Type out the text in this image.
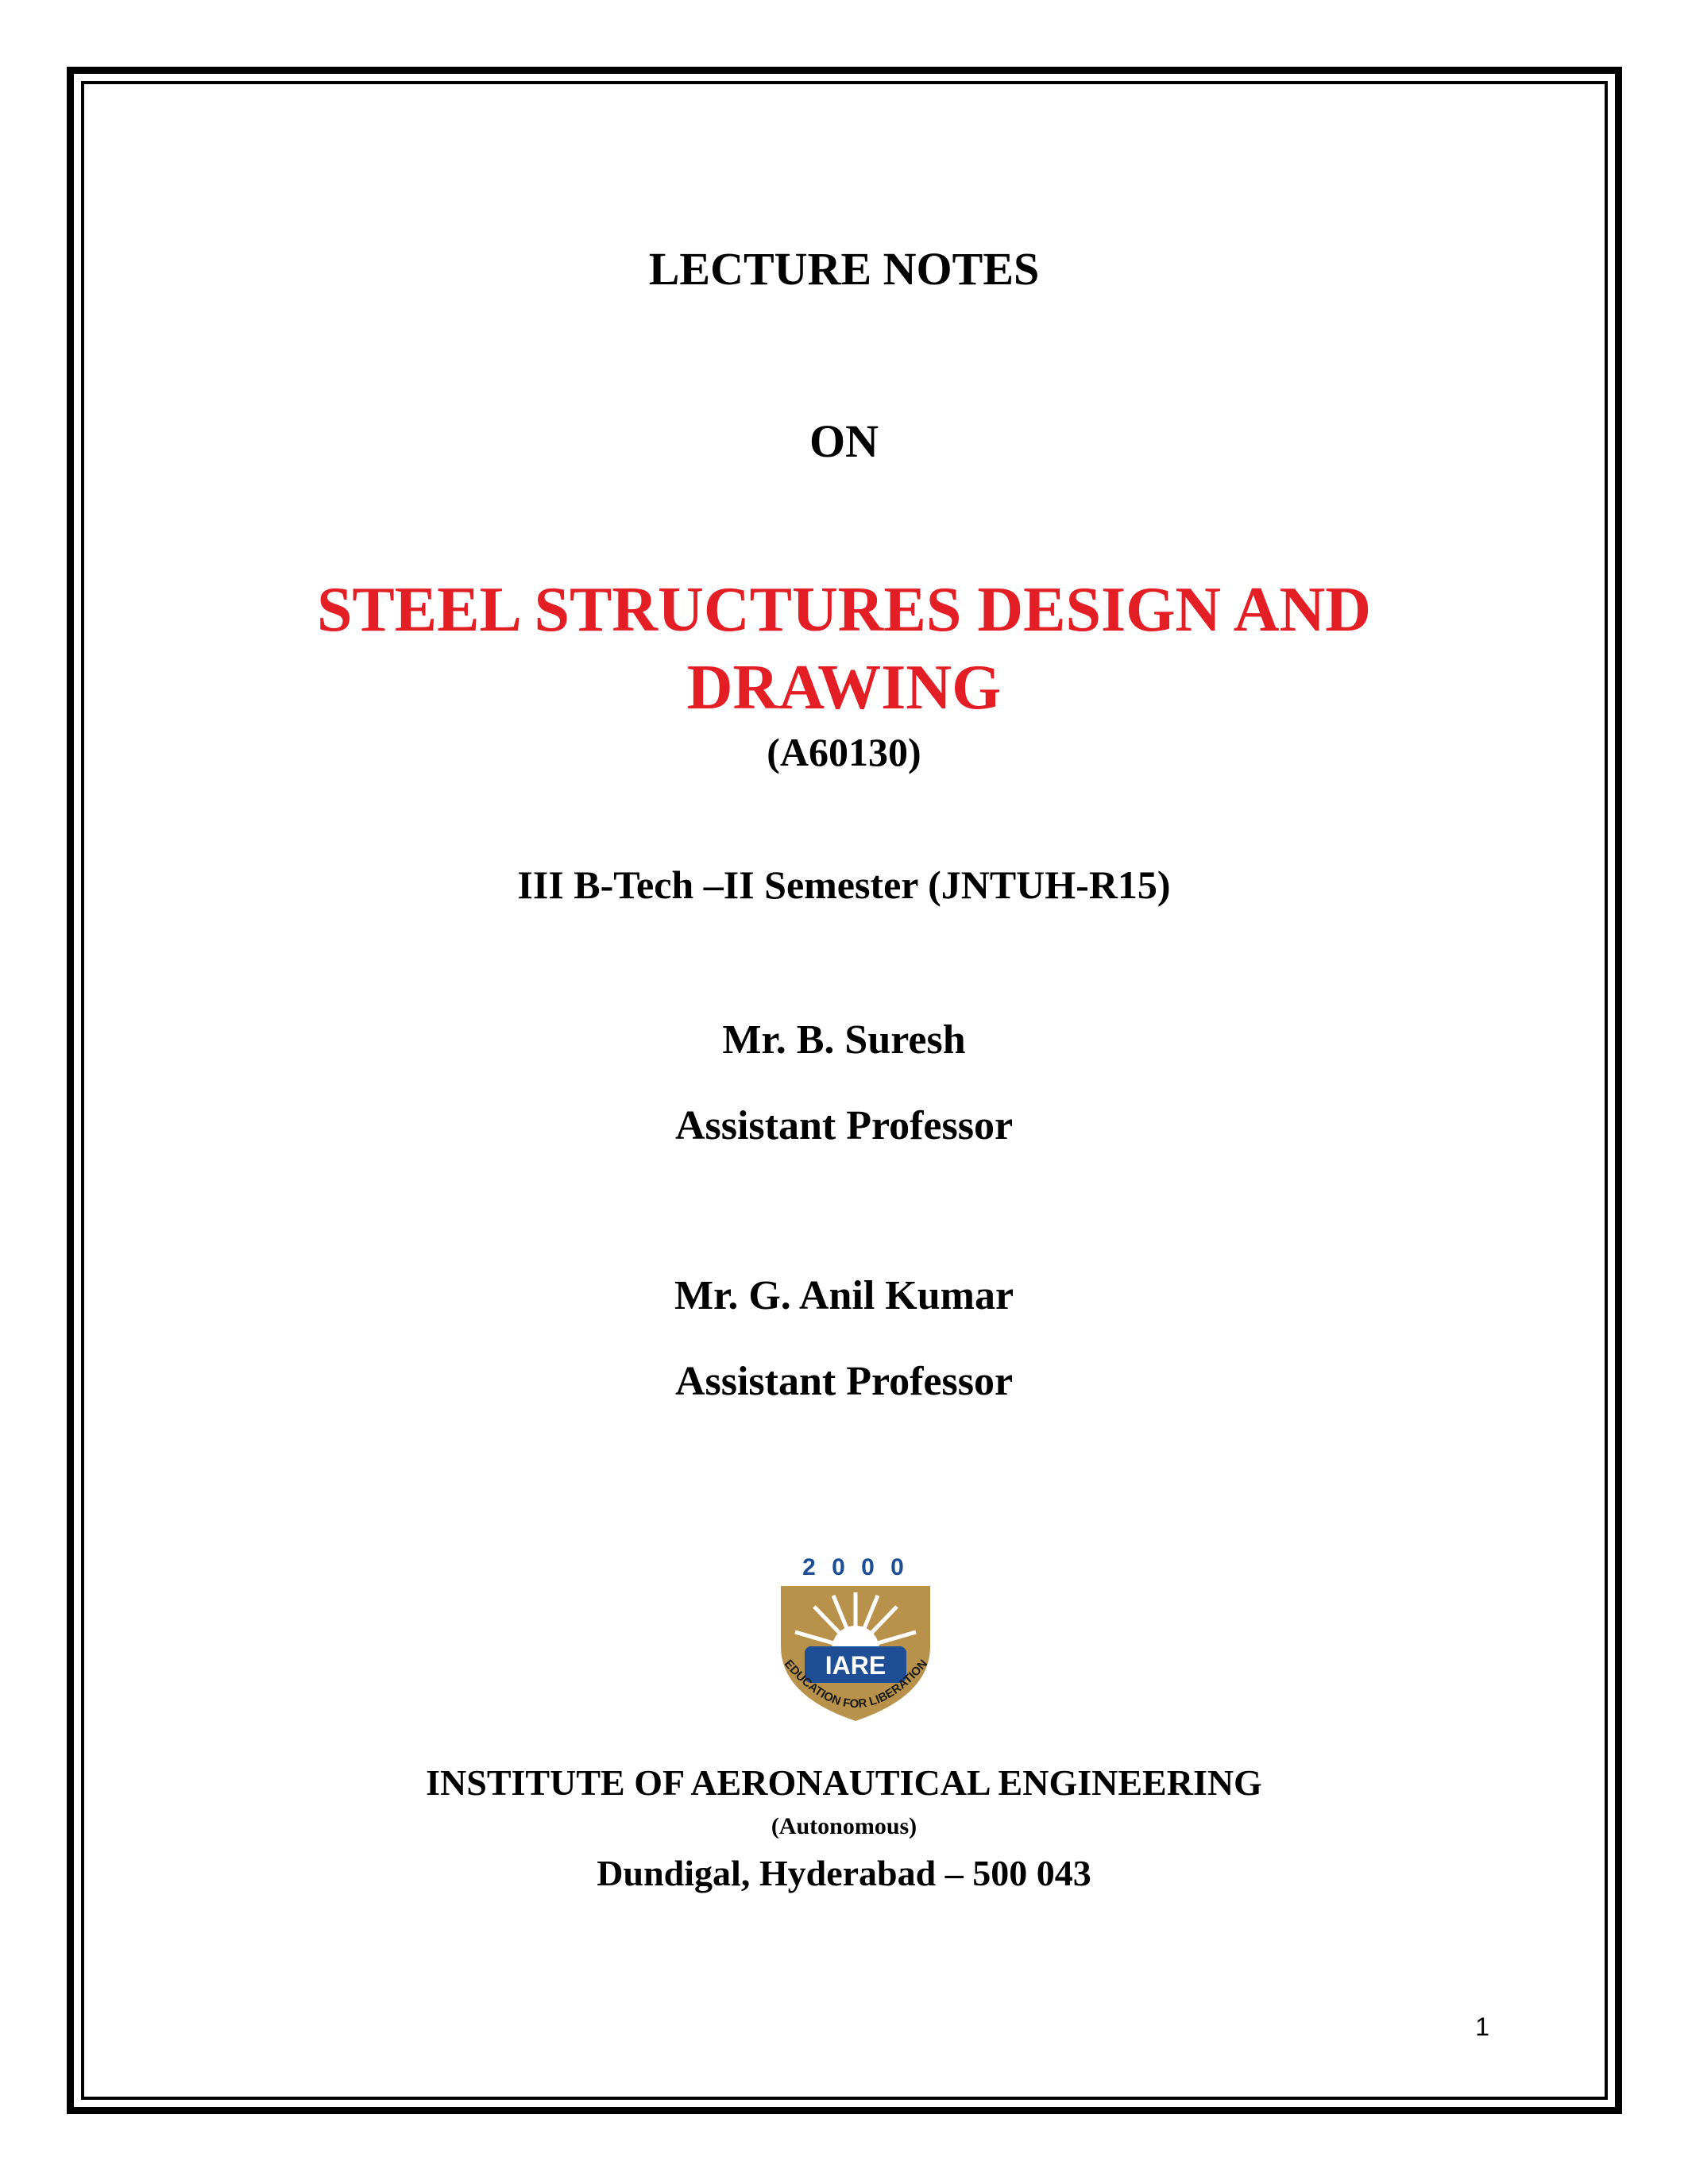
LECTURE NOTES

ON

STEEL STRUCTURES DESIGN AND

DRAWING

(A60130)

III B-Tech –II Semester (JNTUH-R15)

Mr. B. Suresh

Assistant Professor

Mr. G. Anil Kumar

Assistant Professor

2 0 0 0
IARE
EDUCATION FOR LIBERATION

INSTITUTE OF AERONAUTICAL ENGINEERING

(Autonomous)

Dundigal, Hyderabad – 500 043

1
